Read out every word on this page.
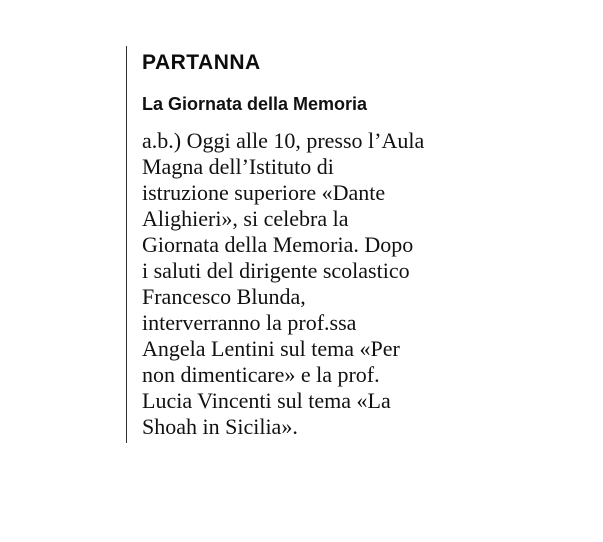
PARTANNA
La Giornata della Memoria

a.b.) Oggi alle 10, presso l’Aula
Magna dell’Istituto di
istruzione superiore «Dante
Alighieri», si celebra la
Giornata della Memoria. Dopo
i saluti del dirigente scolastico
Francesco Blunda,
interverranno la prof.ssa
Angela Lentini sul tema «Per
non dimenticare» e la prof.
Lucia Vincenti sul tema «La
Shoah in Sicilia».
